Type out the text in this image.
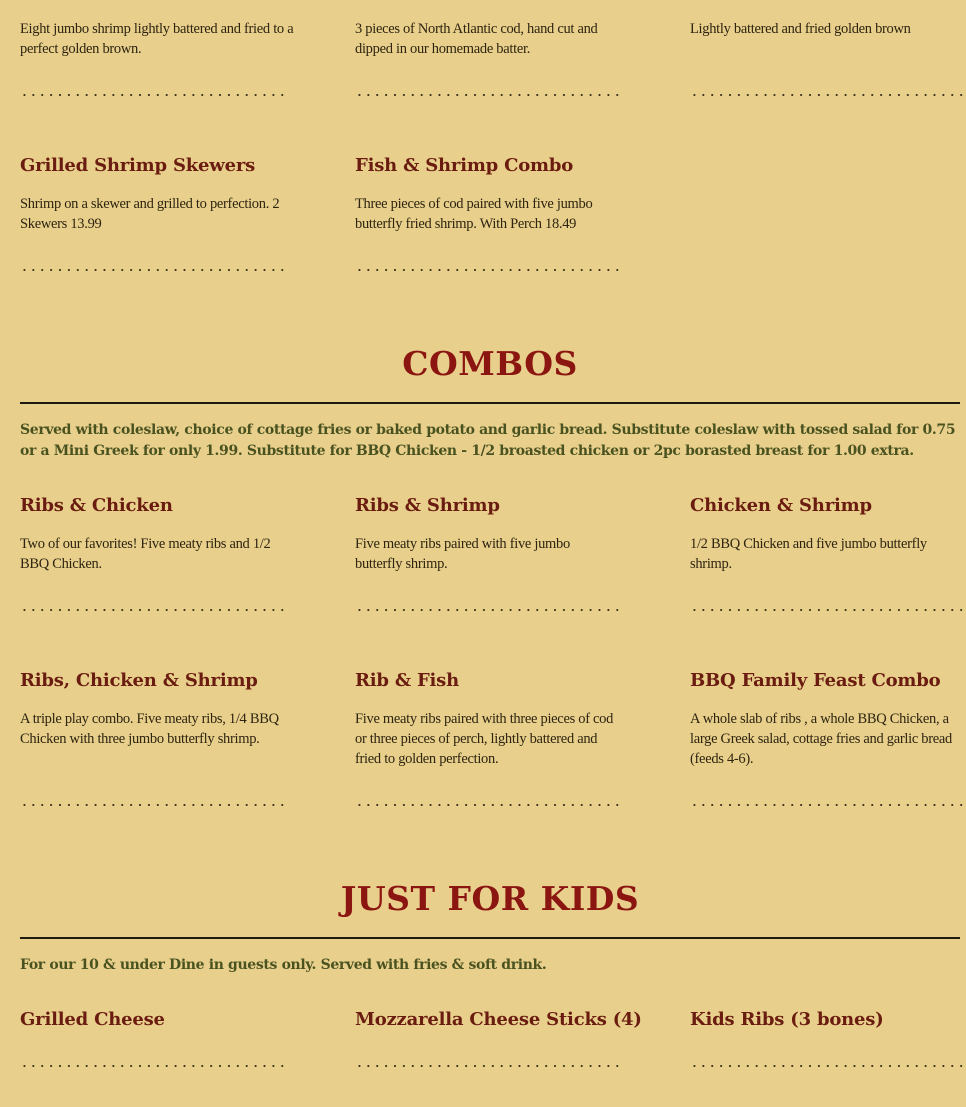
Eight jumbo shrimp lightly battered and fried to a perfect golden brown.
3 pieces of North Atlantic cod, hand cut and dipped in our homemade batter.
Lightly battered and fried golden brown
Grilled Shrimp Skewers
Shrimp on a skewer and grilled to perfection. 2 Skewers 13.99
Fish & Shrimp Combo
Three pieces of cod paired with five jumbo butterfly fried shrimp. With Perch 18.49
COMBOS
Served with coleslaw, choice of cottage fries or baked potato and garlic bread. Substitute coleslaw with tossed salad for 0.75 or a Mini Greek for only 1.99. Substitute for BBQ Chicken - 1/2 broasted chicken or 2pc borasted breast for 1.00 extra.
Ribs & Chicken
Two of our favorites! Five meaty ribs and 1/2 BBQ Chicken.
Ribs & Shrimp
Five meaty ribs paired with five jumbo butterfly shrimp.
Chicken & Shrimp
1/2 BBQ Chicken and five jumbo butterfly shrimp.
Ribs, Chicken & Shrimp
A triple play combo. Five meaty ribs, 1/4 BBQ Chicken with three jumbo butterfly shrimp.
Rib & Fish
Five meaty ribs paired with three pieces of cod or three pieces of perch, lightly battered and fried to golden perfection.
BBQ Family Feast Combo
A whole slab of ribs , a whole BBQ Chicken, a large Greek salad, cottage fries and garlic bread (feeds 4-6).
JUST FOR KIDS
For our 10 & under Dine in guests only. Served with fries & soft drink.
Grilled Cheese	Mozzarella Cheese Sticks (4)	Kids Ribs (3 bones)
